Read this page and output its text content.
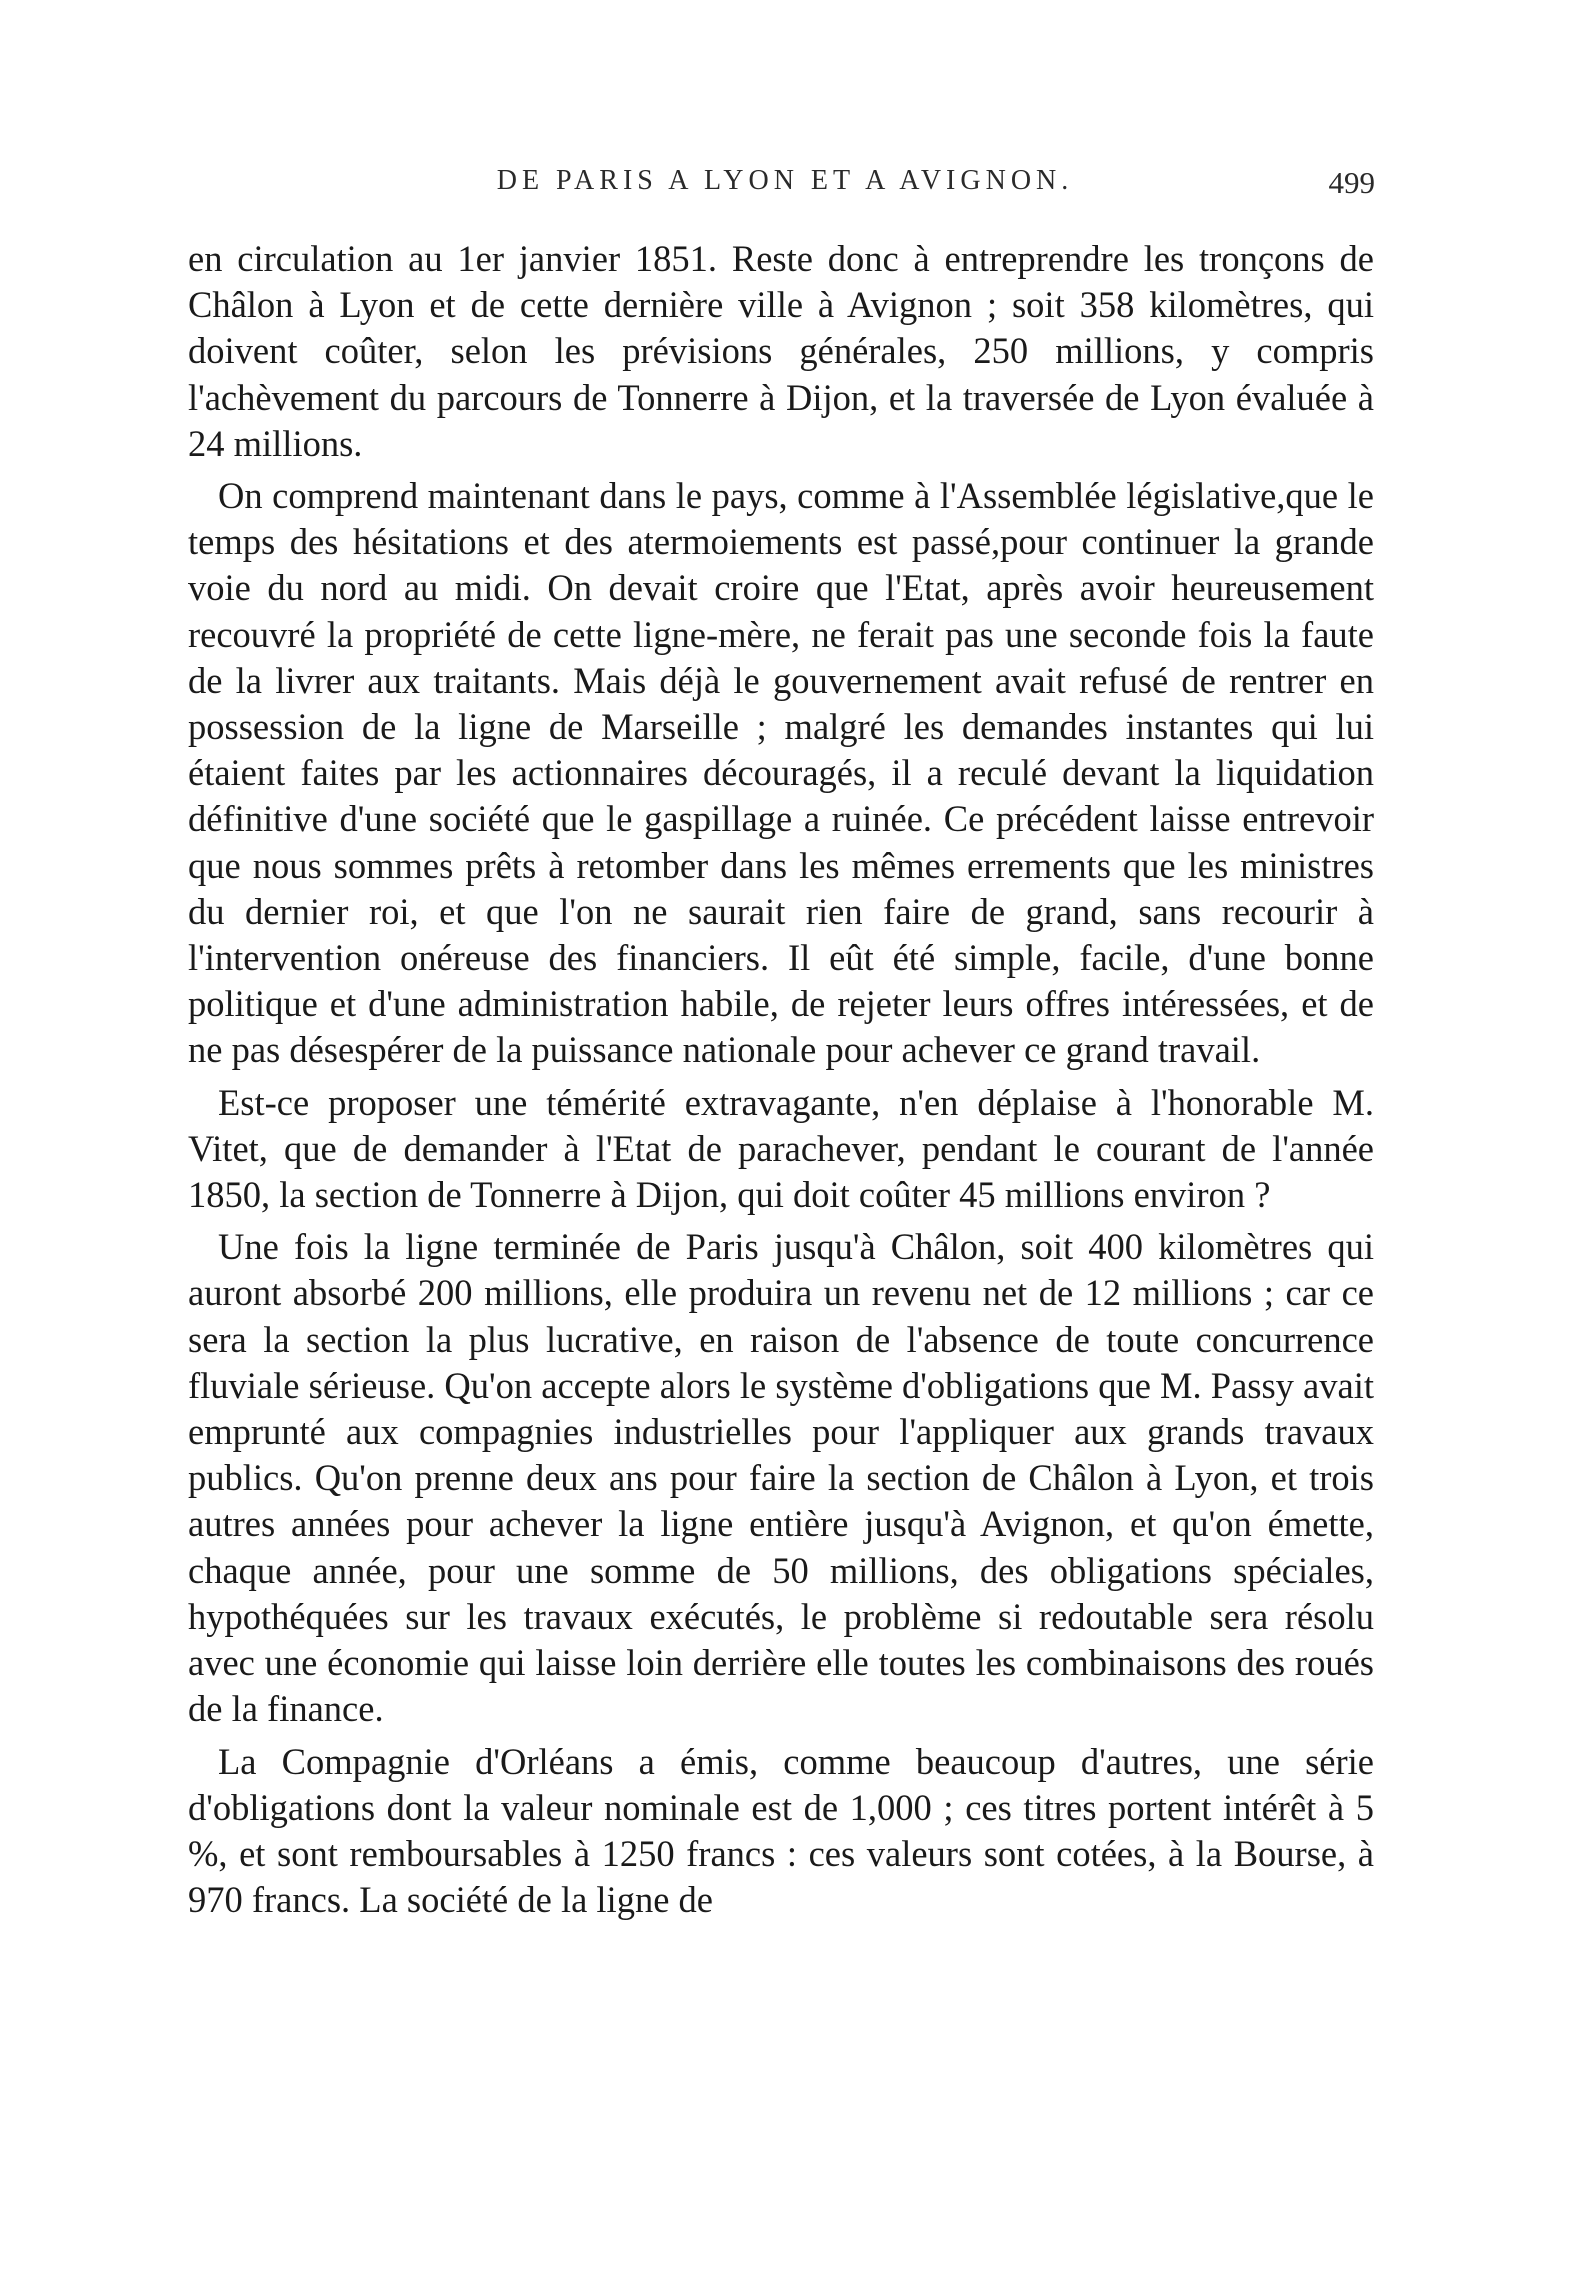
DE PARIS A LYON ET A AVIGNON.	499

en circulation au 1er janvier 1851. Reste donc à entreprendre les tronçons de Châlon à Lyon et de cette dernière ville à Avignon ; soit 358 kilomètres, qui doivent coûter, selon les prévisions générales, 250 millions, y compris l'achèvement du parcours de Tonnerre à Dijon, et la traversée de Lyon évaluée à 24 millions.

On comprend maintenant dans le pays, comme à l'Assemblée législative,que le temps des hésitations et des atermoiements est passé,pour continuer la grande voie du nord au midi. On devait croire que l'Etat, après avoir heureusement recouvré la propriété de cette ligne-mère, ne ferait pas une seconde fois la faute de la livrer aux traitants. Mais déjà le gouvernement avait refusé de rentrer en possession de la ligne de Marseille ; malgré les demandes instantes qui lui étaient faites par les actionnaires découragés, il a reculé devant la liquidation définitive d'une société que le gaspillage a ruinée. Ce précédent laisse entrevoir que nous sommes prêts à retomber dans les mêmes errements que les ministres du dernier roi, et que l'on ne saurait rien faire de grand, sans recourir à l'intervention onéreuse des financiers. Il eût été simple, facile, d'une bonne politique et d'une administration habile, de rejeter leurs offres intéressées, et de ne pas désespérer de la puissance nationale pour achever ce grand travail.

Est-ce proposer une témérité extravagante, n'en déplaise à l'honorable M. Vitet, que de demander à l'Etat de parachever, pendant le courant de l'année 1850, la section de Tonnerre à Dijon, qui doit coûter 45 millions environ ?

Une fois la ligne terminée de Paris jusqu'à Châlon, soit 400 kilomètres qui auront absorbé 200 millions, elle produira un revenu net de 12 millions ; car ce sera la section la plus lucrative, en raison de l'absence de toute concurrence fluviale sérieuse. Qu'on accepte alors le système d'obligations que M. Passy avait emprunté aux compagnies industrielles pour l'appliquer aux grands travaux publics. Qu'on prenne deux ans pour faire la section de Châlon à Lyon, et trois autres années pour achever la ligne entière jusqu'à Avignon, et qu'on émette, chaque année, pour une somme de 50 millions, des obligations spéciales, hypothéquées sur les travaux exécutés, le problème si redoutable sera résolu avec une économie qui laisse loin derrière elle toutes les combinaisons des roués de la finance.

La Compagnie d'Orléans a émis, comme beaucoup d'autres, une série d'obligations dont la valeur nominale est de 1,000 ; ces titres portent intérêt à 5 %, et sont remboursables à 1250 francs : ces valeurs sont cotées, à la Bourse, à 970 francs. La société de la ligne de
